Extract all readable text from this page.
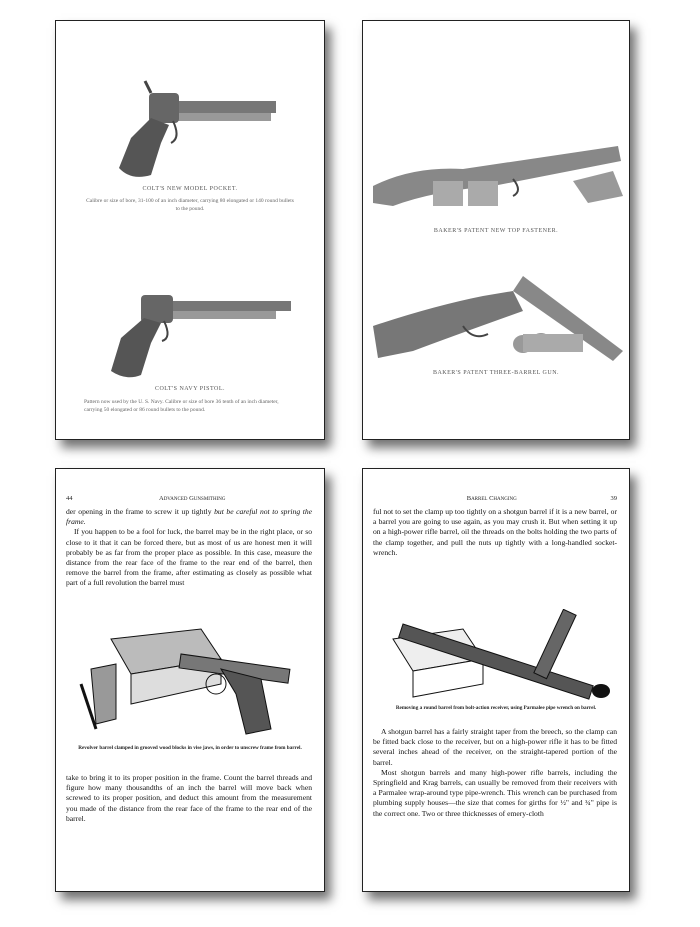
COLT'S NEW MODEL POCKET.
Calibre or size of bore, 31-100 of an inch diameter, carrying 80 elongated or 140 round bullets to the pound.
COLT'S NAVY PISTOL.
Pattern now used by the U. S. Navy. Calibre or size of bore 36 tenth of an inch diameter, carrying 50 elongated or 86 round bullets to the pound.
BAKER'S PATENT NEW TOP FASTENER.
BAKER'S PATENT THREE-BARREL GUN.
44	Advanced Gunsmithing

der opening in the frame to screw it up tightly but be careful not to spring the frame.

If you happen to be a fool for luck, the barrel may be in the right place, or so close to it that it can be forced there, but as most of us are honest men it will probably be as far from the proper place as possible. In this case, measure the distance from the rear face of the frame to the rear end of the barrel, then remove the barrel from the frame, after estimating as closely as possible what part of a full revolution the barrel must

Revolver barrel clamped in grooved wood blocks in vise jaws, in order to unscrew frame from barrel.

take to bring it to its proper position in the frame. Count the barrel threads and figure how many thousandths of an inch the barrel will move back when screwed to its proper position, and deduct this amount from the measurement you made of the distance from the rear face of the frame to the rear end of the barrel.

Barrel Changing	39

ful not to set the clamp up too tightly on a shotgun barrel if it is a new barrel, or a barrel you are going to use again, as you may crush it. But when setting it up on a high-power rifle barrel, oil the threads on the bolts holding the two parts of the clamp together, and pull the nuts up tightly with a long-handled socket-wrench.

Removing a round barrel from bolt-action receiver, using Parmalee pipe wrench on barrel.

A shotgun barrel has a fairly straight taper from the breech, so the clamp can be fitted back close to the receiver, but on a high-power rifle it has to be fitted several inches ahead of the receiver, on the straight-tapered portion of the barrel.

Most shotgun barrels and many high-power rifle barrels, including the Springfield and Krag barrels, can usually be removed from their receivers with a Parmalee wrap-around type pipe-wrench. This wrench can be purchased from plumbing supply houses—the size that comes for girths for ½" and ¾" pipe is the correct one. Two or three thicknesses of emery-cloth
